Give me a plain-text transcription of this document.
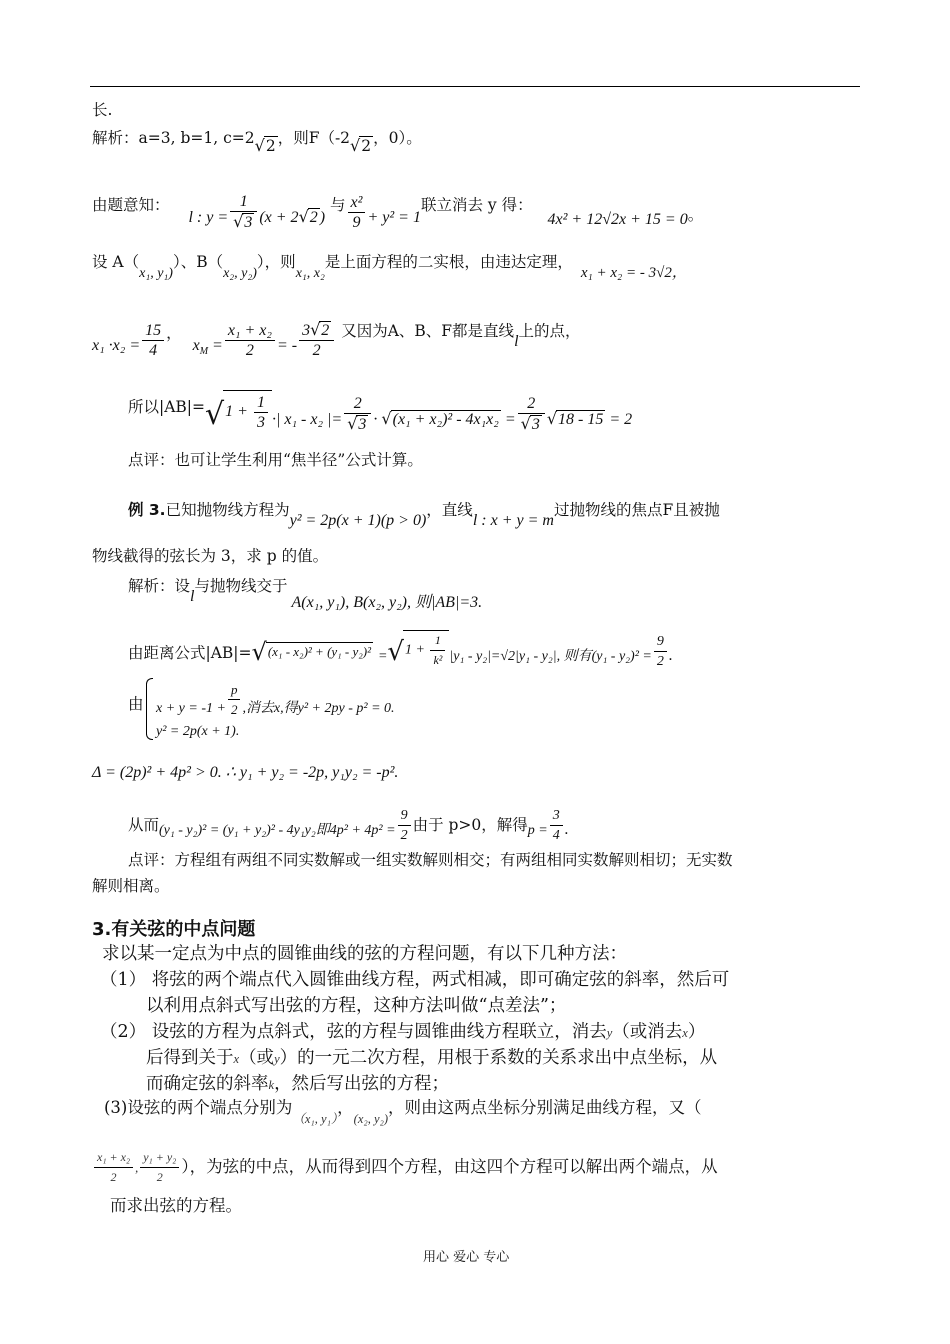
长.
解析：a=3, b=1, c=2√2 ，则F（-2√2 ，0）。
由题意知： l : $y = \frac{1}{√3} (x + 2√2$ ) 与 $\frac{\text{x²}}{9} + y^2 = 1$联立消去 y 得： 4x² + 12√2x + 15 = 0。
设 A（x₁, y₁)）、B（x₂, y₂)），则x₁, x₂是上面方程的二实根，由违达定理，x₁ + x₂ = - 3√2，
$x_1 \cdot x_2 = \frac{15}{4}$ ， $x_M = \frac{\text{x₁ + x₂}}{2}$ = - $\frac{3√2}{2}$ 又因为A、B、F都是直线l上的点，
所以$|AB|=√1 + \frac{1}{3}$ ·| x₁ - x₂ |= $\frac{2}{√3} \cdot √(x_1 + x_2)^2 - 4x_1x_2 = \frac{2}{√3} √18 - 15 = 2$
点评：也可让学生利用“焦半径”公式计算。
例 3.已知抛物线方程为y² = 2p(x + 1)(p > 0)，直线l : x + y = m过抛物线的焦点F且被抛
物线截得的弦长为 3，求 p 的值。
解析：设l与抛物线交于A(x₁, y₁), B(x₂, y₂), 则|AB|=3.
由距离公式$|AB|=√(x_1 - x_2)^2 + (y_1 - y_2)^2 =√1 + \frac{1}{\text{k²}} |y_1 - y_2|=√2|y_1 - y_2|$, 则有$(y_1 - y_2)^2 = \frac{9}{2}$ .
由 $x + y = -1 + \frac{p}{2}$ ,消去x,得y² + 2py - p² = 0.
y² = 2p(x + 1).
Δ = (2p)² + 4p² > 0. ∴ y₁ + y₂ = -2p, y₁y₂ = -p².
从而(y₁ - y₂)² = (y₁ + y₂)² - 4y₁y₂即$4p^2 + 4p^2 = \frac{9}{2}$ 由于 p>0，解得$p = \frac{3}{4}$ .
点评：方程组有两组不同实数解或一组实数解则相交；有两组相同实数解则相切；无实数
解则相离。
3.有关弦的中点问题
求以某一定点为中点的圆锥曲线的弦的方程问题，有以下几种方法：
（1） 将弦的两个端点代入圆锥曲线方程，两式相减，即可确定弦的斜率，然后可
以利用点斜式写出弦的方程，这种方法叫做“点差法”；
（2） 设弦的方程为点斜式，弦的方程与圆锥曲线方程联立，消去y（或消去x）
后得到关于x（或y）的一元二次方程，用根于系数的关系求出中点坐标，从
而确定弦的斜率k，然后写出弦的方程；
(3)设弦的两个端点分别为$_{(x_1, y_1)}$，$_{(x_2, y_2)}$，则由这两点坐标分别满足曲线方程，又（
$\frac{\text{x₁ + x₂}}{2}$ , $\frac{\text{y₁ + y₂}}{2}$ ），为弦的中点，从而得到四个方程，由这四个方程可以解出两个端点，从
而求出弦的方程。
用心 爱心 专心
